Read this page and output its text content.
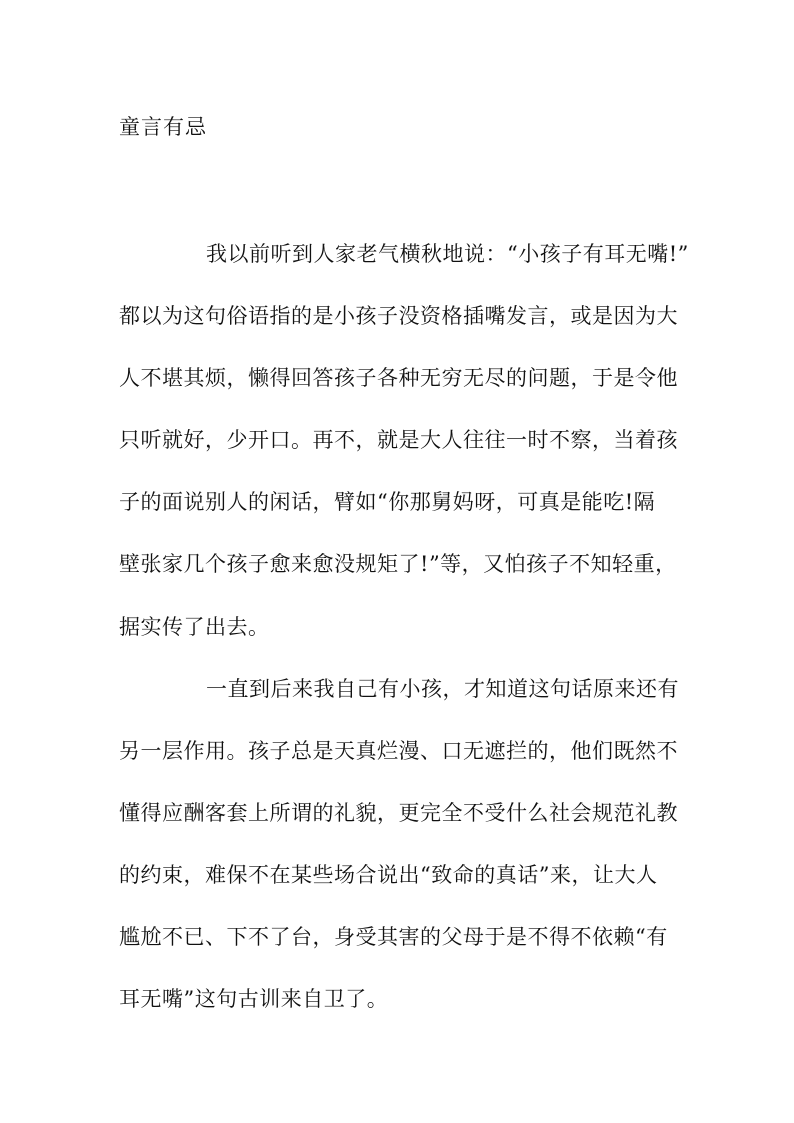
童言有忌

我以前听到人家老气横秋地说：“小孩子有耳无嘴!”

都以为这句俗语指的是小孩子没资格插嘴发言，或是因为大

人不堪其烦，懒得回答孩子各种无穷无尽的问题，于是令他

只听就好，少开口。再不，就是大人往往一时不察，当着孩

子的面说别人的闲话，臂如“你那舅妈呀，可真是能吃!隔

壁张家几个孩子愈来愈没规矩了!”等，又怕孩子不知轻重，

据实传了出去。

一直到后来我自己有小孩，才知道这句话原来还有

另一层作用。孩子总是天真烂漫、口无遮拦的，他们既然不

懂得应酬客套上所谓的礼貌，更完全不受什么社会规范礼教

的约束，难保不在某些场合说出“致命的真话”来，让大人

尴尬不已、下不了台，身受其害的父母于是不得不依赖“有

耳无嘴”这句古训来自卫了。
